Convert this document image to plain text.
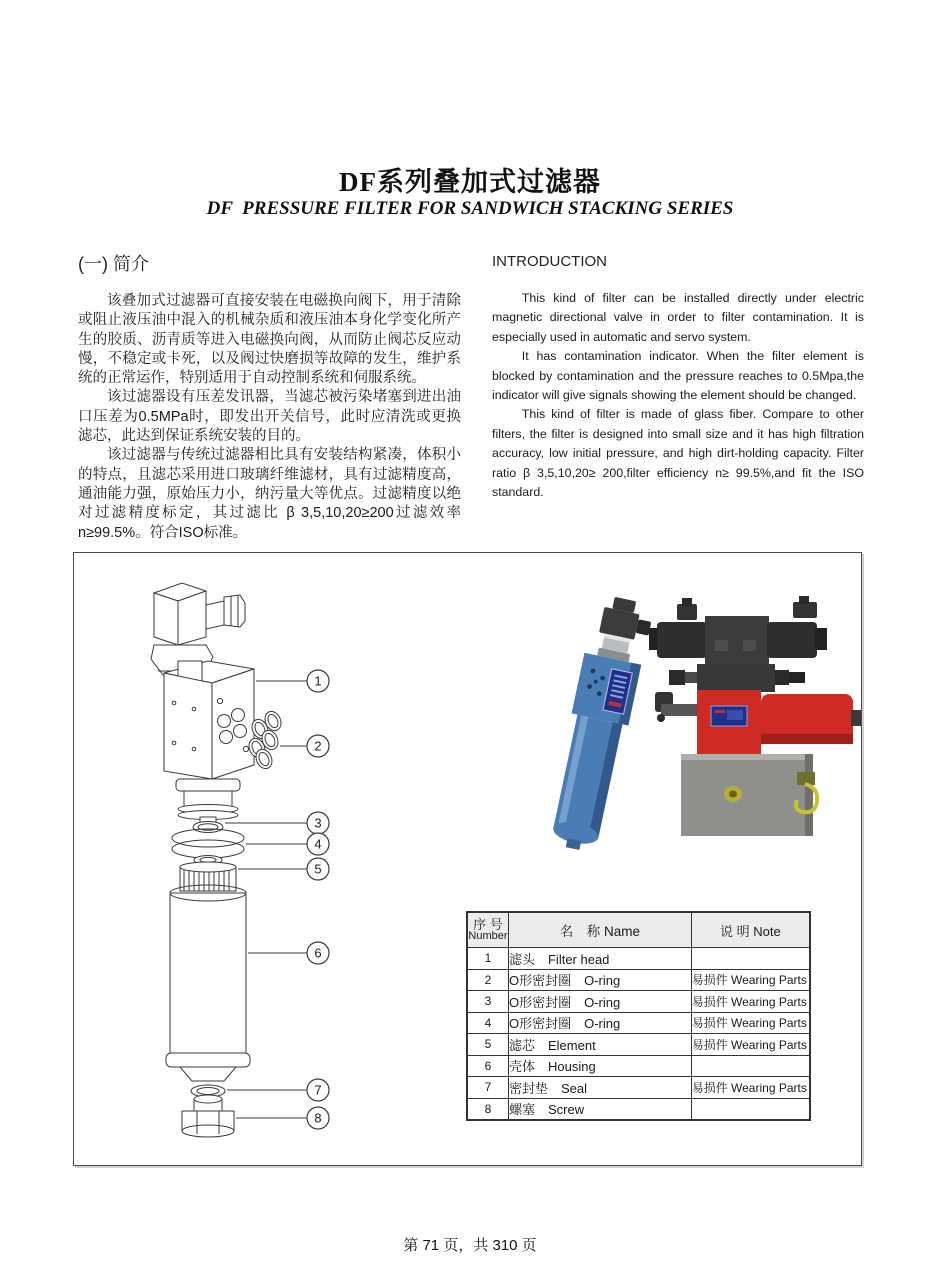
DF系列叠加式过滤器
DF  PRESSURE FILTER FOR SANDWICH STACKING SERIES
(一) 简介

该叠加式过滤器可直接安装在电磁换向阀下，用于清除或阻止液压油中混入的机械杂质和液压油本身化学变化所产生的胶质、沥青质等进入电磁换向阀，从而防止阀芯反应动慢，不稳定或卡死，以及阀过快磨损等故障的发生，维护系统的正常运作，特别适用于自动控制系统和伺服系统。

该过滤器设有压差发讯器，当滤芯被污染堵塞到进出油口压差为0.5MPa时，即发出开关信号，此时应清洗或更换滤芯，此达到保证系统安装的目的。

该过滤器与传统过滤器相比具有安装结构紧凑，体积小的特点，且滤芯采用进口玻璃纤维滤材，具有过滤精度高，通油能力强，原始压力小，纳污量大等优点。过滤精度以绝对过滤精度标定，其过滤比 β 3,5,10,20≥200过滤效率n≥99.5%。符合ISO标准。

INTRODUCTION

This kind of filter can be installed directly under electric magnetic directional valve in order to filter contamination. It is especially used in automatic and servo system.

It has contamination indicator. When the filter element is blocked by contamination and the pressure reaches to 0.5Mpa,the indicator will give signals showing the element should be changed.

This kind of filter is made of glass fiber. Compare to other filters, the filter is designed into small size and it has high filtration accuracy, low initial pressure, and high dirt-holding capacity. Filter ratio β 3,5,10,20≥ 200,filter efficiency n≥ 99.5%,and fit the ISO standard.

1
2
3
4
5
6
7
8
序 号
Number	名　称 Name	说 明 Note
1	滤头　Filter head	
2	O形密封圈　O-ring	易损件 Wearing Parts
3	O形密封圈　O-ring	易损件 Wearing Parts
4	O形密封圈　O-ring	易损件 Wearing Parts
5	滤芯　Element	易损件 Wearing Parts
6	壳体　Housing	
7	密封垫　Seal	易损件 Wearing Parts
8	螺塞　Screw	
第 71 页，共 310 页
